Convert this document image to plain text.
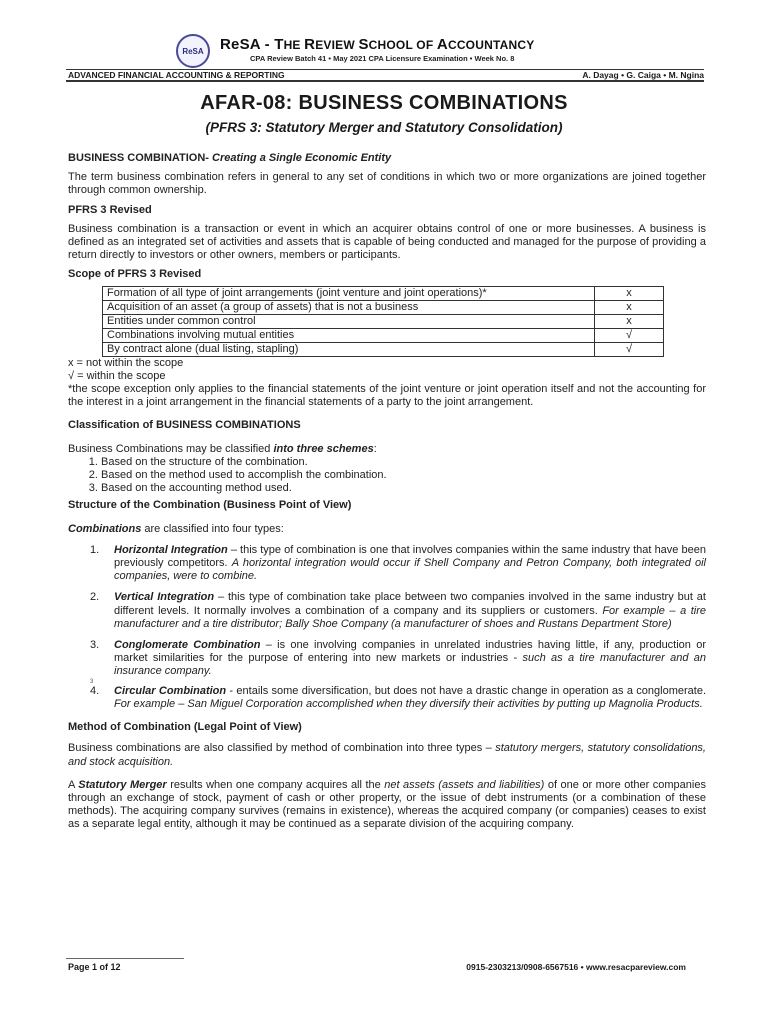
ReSA ReSA - THE REVIEW SCHOOL OF ACCOUNTANCY
CPA Review Batch 41 • May 2021 CPA Licensure Examination • Week No. 8
ADVANCED FINANCIAL ACCOUNTING & REPORTING	A. Dayag • G. Caiga • M. Ngina
AFAR-08: BUSINESS COMBINATIONS
(PFRS 3: Statutory Merger and Statutory Consolidation)

BUSINESS COMBINATION- Creating a Single Economic Entity

The term business combination refers in general to any set of conditions in which two or more organizations are joined together through common ownership.

PFRS 3 Revised

Business combination is a transaction or event in which an acquirer obtains control of one or more businesses. A business is defined as an integrated set of activities and assets that is capable of being conducted and managed for the purpose of providing a return directly to investors or other owners, members or participants.

Scope of PFRS 3 Revised

Formation of all type of joint arrangements (joint venture and joint operations)*	x
Acquisition of an asset (a group of assets) that is not a business	x
Entities under common control	x
Combinations involving mutual entities	√
By contract alone (dual listing, stapling)	√

x = not within the scope

√ = within the scope

*the scope exception only applies to the financial statements of the joint venture or joint operation itself and not the accounting for the interest in a joint arrangement in the financial statements of a party to the joint arrangement.

Classification of BUSINESS COMBINATIONS

Business Combinations may be classified into three schemes:

1. Based on the structure of the combination.
2. Based on the method used to accomplish the combination.
3. Based on the accounting method used.

Structure of the Combination (Business Point of View)

Combinations are classified into four types:

1. Horizontal Integration – this type of combination is one that involves companies within the same industry that have been previously competitors. A horizontal integration would occur if Shell Company and Petron Company, both integrated oil companies, were to combine.
2. Vertical Integration – this type of combination take place between two companies involved in the same industry but at different levels. It normally involves a combination of a company and its suppliers or customers. For example – a tire manufacturer and a tire distributor; Bally Shoe Company (a manufacturer of shoes and Rustans Department Store)
3. Conglomerate Combination – is one involving companies in unrelated industries having little, if any, production or market similarities for the purpose of entering into new markets or industries - such as a tire manufacturer and an insurance company.
3
4. Circular Combination - entails some diversification, but does not have a drastic change in operation as a conglomerate. For example – San Miguel Corporation accomplished when they diversify their activities by putting up Magnolia Products.

Method of Combination (Legal Point of View)

Business combinations are also classified by method of combination into three types – statutory mergers, statutory consolidations, and stock acquisition.

A Statutory Merger results when one company acquires all the net assets (assets and liabilities) of one or more other companies through an exchange of stock, payment of cash or other property, or the issue of debt instruments (or a combination of these methods). The acquiring company survives (remains in existence), whereas the acquired company (or companies) ceases to exist as a separate legal entity, although it may be continued as a separate division of the acquiring company.

Page 1 of 12	0915-2303213/0908-6567516 • www.resacpareview.com
